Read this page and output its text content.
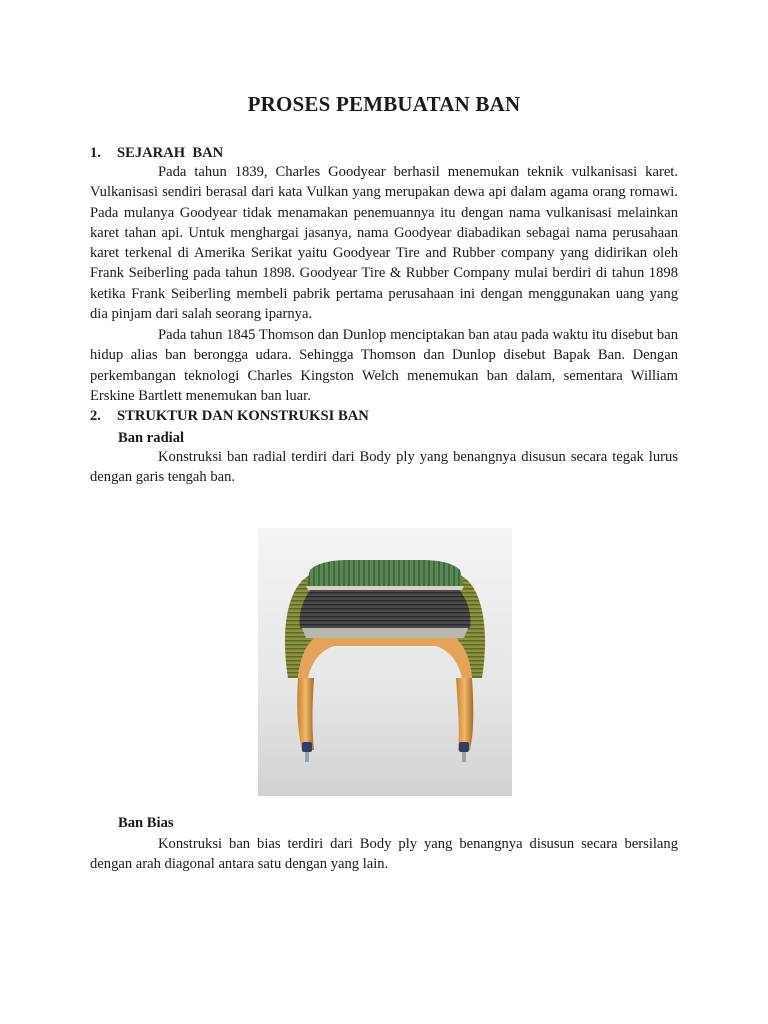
PROSES PEMBUATAN BAN
1. SEJARAH  BAN

Pada tahun 1839, Charles Goodyear berhasil menemukan teknik vulkanisasi karet. Vulkanisasi sendiri berasal dari kata Vulkan yang merupakan dewa api dalam agama orang romawi. Pada mulanya Goodyear tidak menamakan penemuannya itu dengan nama vulkanisasi melainkan karet tahan api. Untuk menghargai jasanya, nama Goodyear diabadikan sebagai nama perusahaan karet terkenal di Amerika Serikat yaitu Goodyear Tire and Rubber company yang didirikan oleh Frank Seiberling pada tahun 1898. Goodyear Tire & Rubber Company mulai berdiri di tahun 1898 ketika Frank Seiberling membeli pabrik pertama perusahaan ini dengan menggunakan uang yang dia pinjam dari salah seorang iparnya.

Pada tahun 1845 Thomson dan Dunlop menciptakan ban atau pada waktu itu disebut ban hidup alias ban berongga udara. Sehingga Thomson dan Dunlop disebut Bapak Ban. Dengan perkembangan teknologi Charles Kingston Welch menemukan ban dalam, sementara William Erskine Bartlett menemukan ban luar.

2. STRUKTUR DAN KONSTRUKSI BAN
Ban radial

Konstruksi ban radial terdiri dari Body ply yang benangnya disusun secara tegak lurus dengan garis tengah ban.

Ban Bias

Konstruksi ban bias terdiri dari Body ply yang benangnya disusun secara bersilang dengan arah diagonal antara satu dengan yang lain.
